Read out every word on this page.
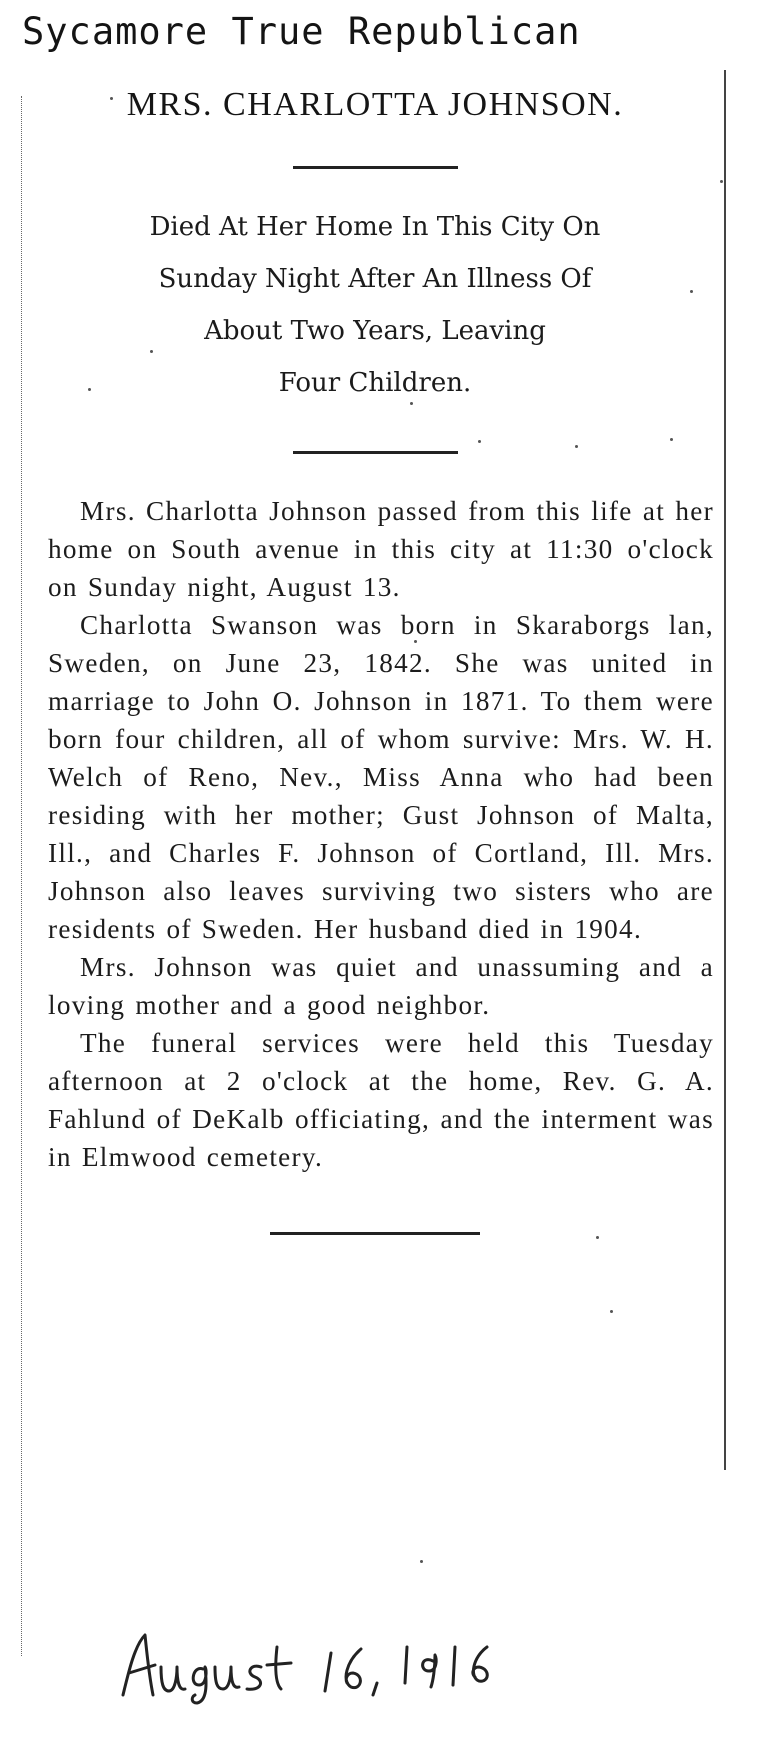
Sycamore True Republican
MRS. CHARLOTTA JOHNSON.
Died At Her Home In This City On
Sunday Night After An Illness Of
About Two Years, Leaving
Four Children.

Mrs. Charlotta Johnson passed from this life at her home on South avenue in this city at 11:30 o'clock on Sunday night, August 13.

Charlotta Swanson was born in Skaraborgs lan, Sweden, on June 23, 1842. She was united in marriage to John O. Johnson in 1871. To them were born four children, all of whom survive: Mrs. W. H. Welch of Reno, Nev., Miss Anna who had been residing with her mother; Gust Johnson of Malta, Ill., and Charles F. Johnson of Cortland, Ill. Mrs. Johnson also leaves surviving two sisters who are residents of Sweden. Her husband died in 1904.

Mrs. Johnson was quiet and unassuming and a loving mother and a good neighbor.

The funeral services were held this Tuesday afternoon at 2 o'clock at the home, Rev. G. A. Fahlund of DeKalb officiating, and the interment was in Elmwood cemetery.
